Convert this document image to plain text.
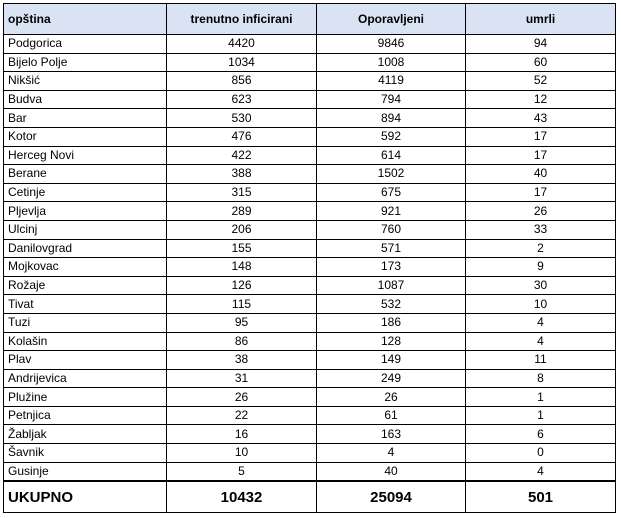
opština	trenutno inficirani	Oporavljeni	umrli
Podgorica	4420	9846	94
Bijelo Polje	1034	1008	60
Nikšić	856	4119	52
Budva	623	794	12
Bar	530	894	43
Kotor	476	592	17
Herceg Novi	422	614	17
Berane	388	1502	40
Cetinje	315	675	17
Pljevlja	289	921	26
Ulcinj	206	760	33
Danilovgrad	155	571	2
Mojkovac	148	173	9
Rožaje	126	1087	30
Tivat	115	532	10
Tuzi	95	186	4
Kolašin	86	128	4
Plav	38	149	11
Andrijevica	31	249	8
Plužine	26	26	1
Petnjica	22	61	1
Žabljak	16	163	6
Šavnik	10	4	0
Gusinje	5	40	4
UKUPNO	10432	25094	501
